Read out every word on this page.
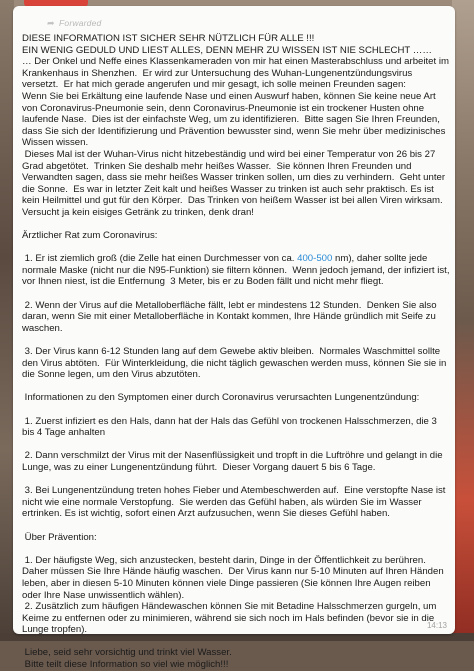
➦ Forwarded
DIESE INFORMATION IST SICHER SEHR NÜTZLICH FÜR ALLE !!!
EIN WENIG GEDULD UND LIEST ALLES, DENN MEHR ZU WISSEN IST NIE SCHLECHT ……
… Der Onkel und Neffe eines Klassenkameraden von mir hat einen Masterabschluss und arbeitet im Krankenhaus in Shenzhen.  Er wird zur Untersuchung des Wuhan-Lungenentzündungsvirus versetzt.  Er hat mich gerade angerufen und mir gesagt, ich solle meinen Freunden sagen:
Wenn Sie bei Erkältung eine laufende Nase und einen Auswurf haben, können Sie keine neue Art von Coronavirus-Pneumonie sein, denn Coronavirus-Pneumonie ist ein trockener Husten ohne  laufende Nase.  Dies ist der einfachste Weg, um zu identifizieren.  Bitte sagen Sie Ihren Freunden, dass Sie sich der Identifizierung und Prävention bewusster sind, wenn Sie mehr über medizinisches Wissen wissen.
Dieses Mal ist der Wuhan-Virus nicht hitzebeständig und wird bei einer Temperatur von 26 bis 27 Grad abgetötet.  Trinken Sie deshalb mehr heißes Wasser.  Sie können Ihren Freunden und Verwandten sagen, dass sie mehr heißes Wasser trinken sollen, um dies zu verhindern.  Geht unter die Sonne.  Es war in letzter Zeit kalt und heißes Wasser zu trinken ist auch sehr praktisch. Es ist kein Heilmittel und gut für den Körper.  Das Trinken von heißem Wasser ist bei allen Viren wirksam. Versucht ja kein eisiges Getränk zu trinken, denk dran!

Ärztlicher Rat zum Coronavirus:

1. Er ist ziemlich groß (die Zelle hat einen Durchmesser von ca. 400-500 nm), daher sollte jede normale Maske (nicht nur die N95-Funktion) sie filtern können.  Wenn jedoch jemand, der infiziert ist, vor Ihnen niest, ist die Entfernung  3 Meter, bis er zu Boden fällt und nicht mehr fliegt.

2. Wenn der Virus auf die Metalloberfläche fällt, lebt er mindestens 12 Stunden.  Denken Sie also daran, wenn Sie mit einer Metalloberfläche in Kontakt kommen, Ihre Hände gründlich mit Seife zu waschen.

3. Der Virus kann 6-12 Stunden lang auf dem Gewebe aktiv bleiben.  Normales Waschmittel sollte den Virus abtöten.  Für Winterkleidung, die nicht täglich gewaschen werden muss, können Sie sie in die Sonne legen, um den Virus abzutöten.

Informationen zu den Symptomen einer durch Coronavirus verursachten Lungenentzündung:

1. Zuerst infiziert es den Hals, dann hat der Hals das Gefühl von trockenen Halsschmerzen, die 3 bis 4 Tage anhalten

2. Dann verschmilzt der Virus mit der Nasenflüssigkeit und tropft in die Luftröhre und gelangt in die Lunge, was zu einer Lungenentzündung führt.  Dieser Vorgang dauert 5 bis 6 Tage.

3. Bei Lungenentzündung treten hohes Fieber und Atembeschwerden auf.  Eine verstopfte Nase ist nicht wie eine normale Verstopfung.  Sie werden das Gefühl haben, als würden Sie im Wasser ertrinken. Es ist wichtig, sofort einen Arzt aufzusuchen, wenn Sie dieses Gefühl haben.

Über Prävention:

1. Der häufigste Weg, sich anzustecken, besteht darin, Dinge in der Öffentlichkeit zu berühren. Daher müssen Sie Ihre Hände häufig waschen.  Der Virus kann nur 5-10 Minuten auf Ihren Händen leben, aber in diesen 5-10 Minuten können viele Dinge passieren (Sie können Ihre Augen reiben oder Ihre Nase unwissentlich wählen).
2. Zusätzlich zum häufigen Händewaschen können Sie mit Betadine Halsschmerzen gurgeln, um Keime zu entfernen oder zu minimieren, während sie sich noch im Hals befinden (bevor sie in die Lunge tropfen).

Liebe, seid sehr vorsichtig und trinkt viel Wasser.
Bitte teilt diese Information so viel wie möglich!!!
14:13
